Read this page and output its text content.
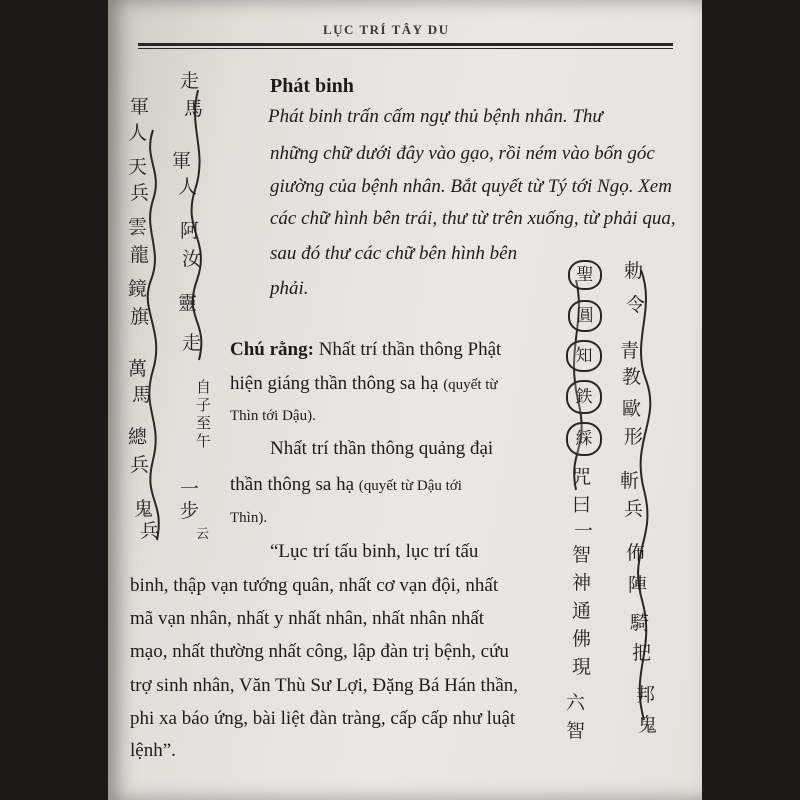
LỤC TRÍ TÂY DU
Phát binh
Phát binh trấn cấm ngự thủ bệnh nhân. Thư
những chữ dưới đây vào gạo, rồi ném vào bốn góc
giường của bệnh nhân. Bắt quyết từ Tý tới Ngọ. Xem
các chữ hình bên trái, thư từ trên xuống, từ phải qua,
sau đó thư các chữ bên hình bên
phải.
Chú rằng: Nhất trí thần thông Phật
hiện giáng thần thông sa hạ (quyết từ
Thìn tới Dậu).
Nhất trí thần thông quảng đại
thần thông sa hạ (quyết từ Dậu tới
Thìn).
“Lục trí tấu binh, lục trí tấu
binh, thập vạn tướng quân, nhất cơ vạn đội, nhất
mã vạn nhân, nhất y nhất nhân, nhất nhân nhất
mạo, nhất thường nhất công, lập đàn trị bệnh, cứu
trợ sinh nhân, Văn Thù Sư Lợi, Đặng Bá Hán thần,
phi xa báo ứng, bài liệt đàn tràng, cấp cấp như luật
lệnh”.
走
馬
軍
人
阿
汝
靈
走
軍
人
天
兵
雲
龍
鏡
旗
萬
馬
總
兵
鬼
兵
自
子
至
午
一
步
云
勅
令
青
教
歐
形
斬
兵
佈
陣
騎
把
邦
鬼
聖
圓
知
鉄
綵
咒
曰
一
智
神
通
佛
現
六
智
